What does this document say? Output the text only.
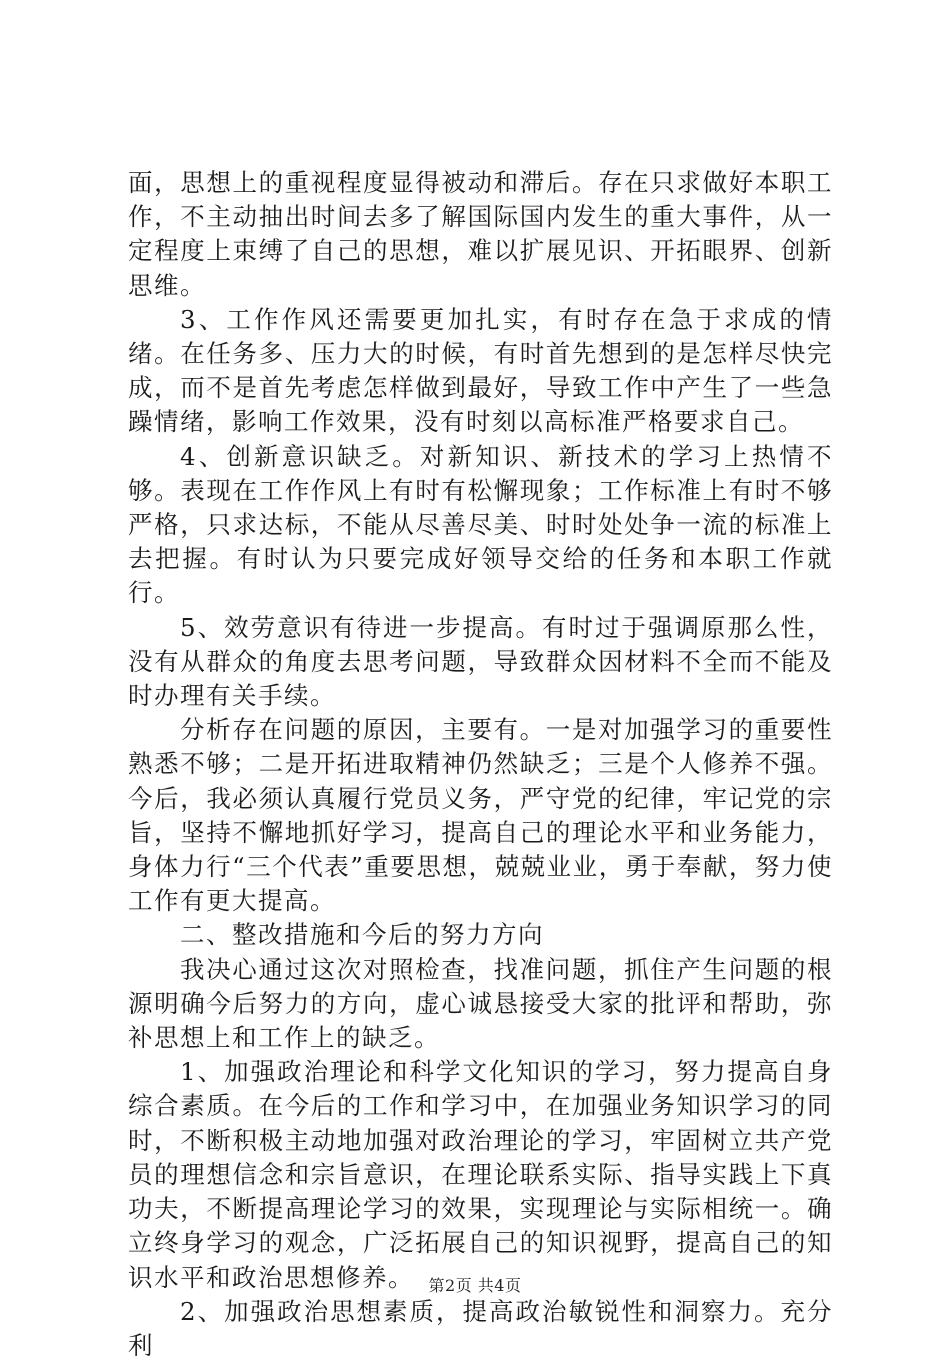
面，思想上的重视程度显得被动和滞后。存在只求做好本职工作，不主动抽出时间去多了解国际国内发生的重大事件，从一定程度上束缚了自己的思想，难以扩展见识、开拓眼界、创新思维。

3、工作作风还需要更加扎实，有时存在急于求成的情绪。在任务多、压力大的时候，有时首先想到的是怎样尽快完成，而不是首先考虑怎样做到最好，导致工作中产生了一些急躁情绪，影响工作效果，没有时刻以高标准严格要求自己。

4、创新意识缺乏。对新知识、新技术的学习上热情不够。表现在工作作风上有时有松懈现象；工作标准上有时不够严格，只求达标，不能从尽善尽美、时时处处争一流的标准上去把握。有时认为只要完成好领导交给的任务和本职工作就行。

5、效劳意识有待进一步提高。有时过于强调原那么性，没有从群众的角度去思考问题，导致群众因材料不全而不能及时办理有关手续。

分析存在问题的原因，主要有。一是对加强学习的重要性熟悉不够；二是开拓进取精神仍然缺乏；三是个人修养不强。今后，我必须认真履行党员义务，严守党的纪律，牢记党的宗旨，坚持不懈地抓好学习，提高自己的理论水平和业务能力，身体力行“三个代表”重要思想，兢兢业业，勇于奉献，努力使工作有更大提高。

二、整改措施和今后的努力方向

我决心通过这次对照检查，找准问题，抓住产生问题的根源明确今后努力的方向，虚心诚恳接受大家的批评和帮助，弥补思想上和工作上的缺乏。

1、加强政治理论和科学文化知识的学习，努力提高自身综合素质。在今后的工作和学习中，在加强业务知识学习的同时，不断积极主动地加强对政治理论的学习，牢固树立共产党员的理想信念和宗旨意识，在理论联系实际、指导实践上下真功夫，不断提高理论学习的效果，实现理论与实际相统一。确立终身学习的观念，广泛拓展自己的知识视野，提高自己的知识水平和政治思想修养。

2、加强政治思想素质，提高政治敏锐性和洞察力。充分利

第2页 共4页
